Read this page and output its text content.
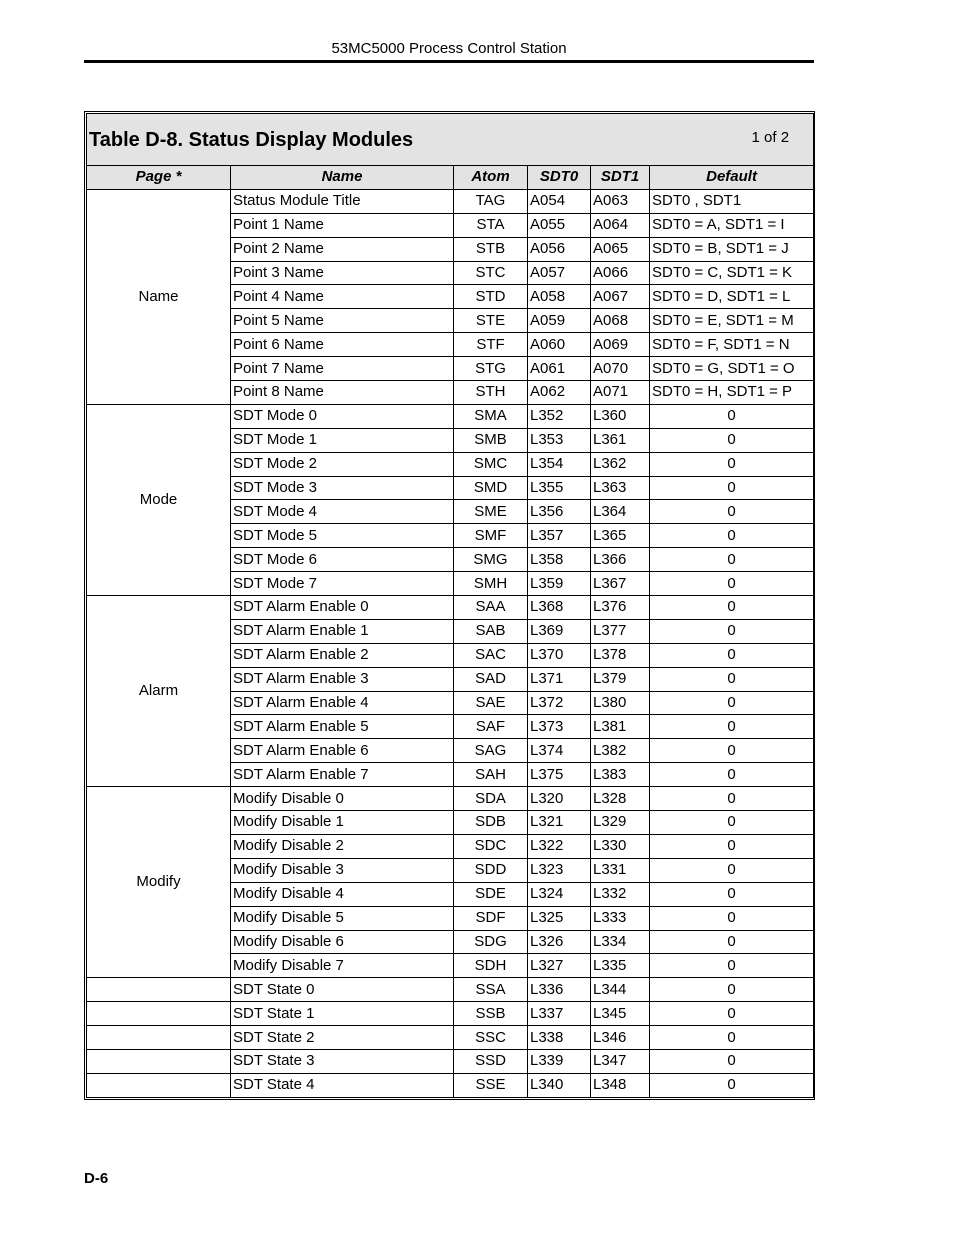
53MC5000 Process Control Station
Table D-8. Status Display Modules 1 of 2					

Page *	Name	Atom	SDT0	SDT1	Default
Name	Status Module Title	TAG	A054	A063	SDT0 , SDT1
	Point 1 Name	STA	A055	A064	SDT0 = A, SDT1 = I
	Point 2 Name	STB	A056	A065	SDT0 = B, SDT1 = J
	Point 3 Name	STC	A057	A066	SDT0 = C, SDT1 = K
	Point 4 Name	STD	A058	A067	SDT0 = D, SDT1 = L
	Point 5 Name	STE	A059	A068	SDT0 = E, SDT1 = M
	Point 6 Name	STF	A060	A069	SDT0 = F, SDT1 = N
	Point 7 Name	STG	A061	A070	SDT0 = G, SDT1 = O
	Point 8 Name	STH	A062	A071	SDT0 = H, SDT1 = P
Mode	SDT Mode 0	SMA	L352	L360	0
	SDT Mode 1	SMB	L353	L361	0
	SDT Mode 2	SMC	L354	L362	0
	SDT Mode 3	SMD	L355	L363	0
	SDT Mode 4	SME	L356	L364	0
	SDT Mode 5	SMF	L357	L365	0
	SDT Mode 6	SMG	L358	L366	0
	SDT Mode 7	SMH	L359	L367	0
Alarm	SDT Alarm Enable 0	SAA	L368	L376	0
	SDT Alarm Enable 1	SAB	L369	L377	0
	SDT Alarm Enable 2	SAC	L370	L378	0
	SDT Alarm Enable 3	SAD	L371	L379	0
	SDT Alarm Enable 4	SAE	L372	L380	0
	SDT Alarm Enable 5	SAF	L373	L381	0
	SDT Alarm Enable 6	SAG	L374	L382	0
	SDT Alarm Enable 7	SAH	L375	L383	0
Modify	Modify Disable 0	SDA	L320	L328	0
	Modify Disable 1	SDB	L321	L329	0
	Modify Disable 2	SDC	L322	L330	0
	Modify Disable 3	SDD	L323	L331	0
	Modify Disable 4	SDE	L324	L332	0
	Modify Disable 5	SDF	L325	L333	0
	Modify Disable 6	SDG	L326	L334	0
	Modify Disable 7	SDH	L327	L335	0
	SDT State 0	SSA	L336	L344	0
	SDT State 1	SSB	L337	L345	0
	SDT State 2	SSC	L338	L346	0
	SDT State 3	SSD	L339	L347	0
	SDT State 4	SSE	L340	L348	0
D-6
